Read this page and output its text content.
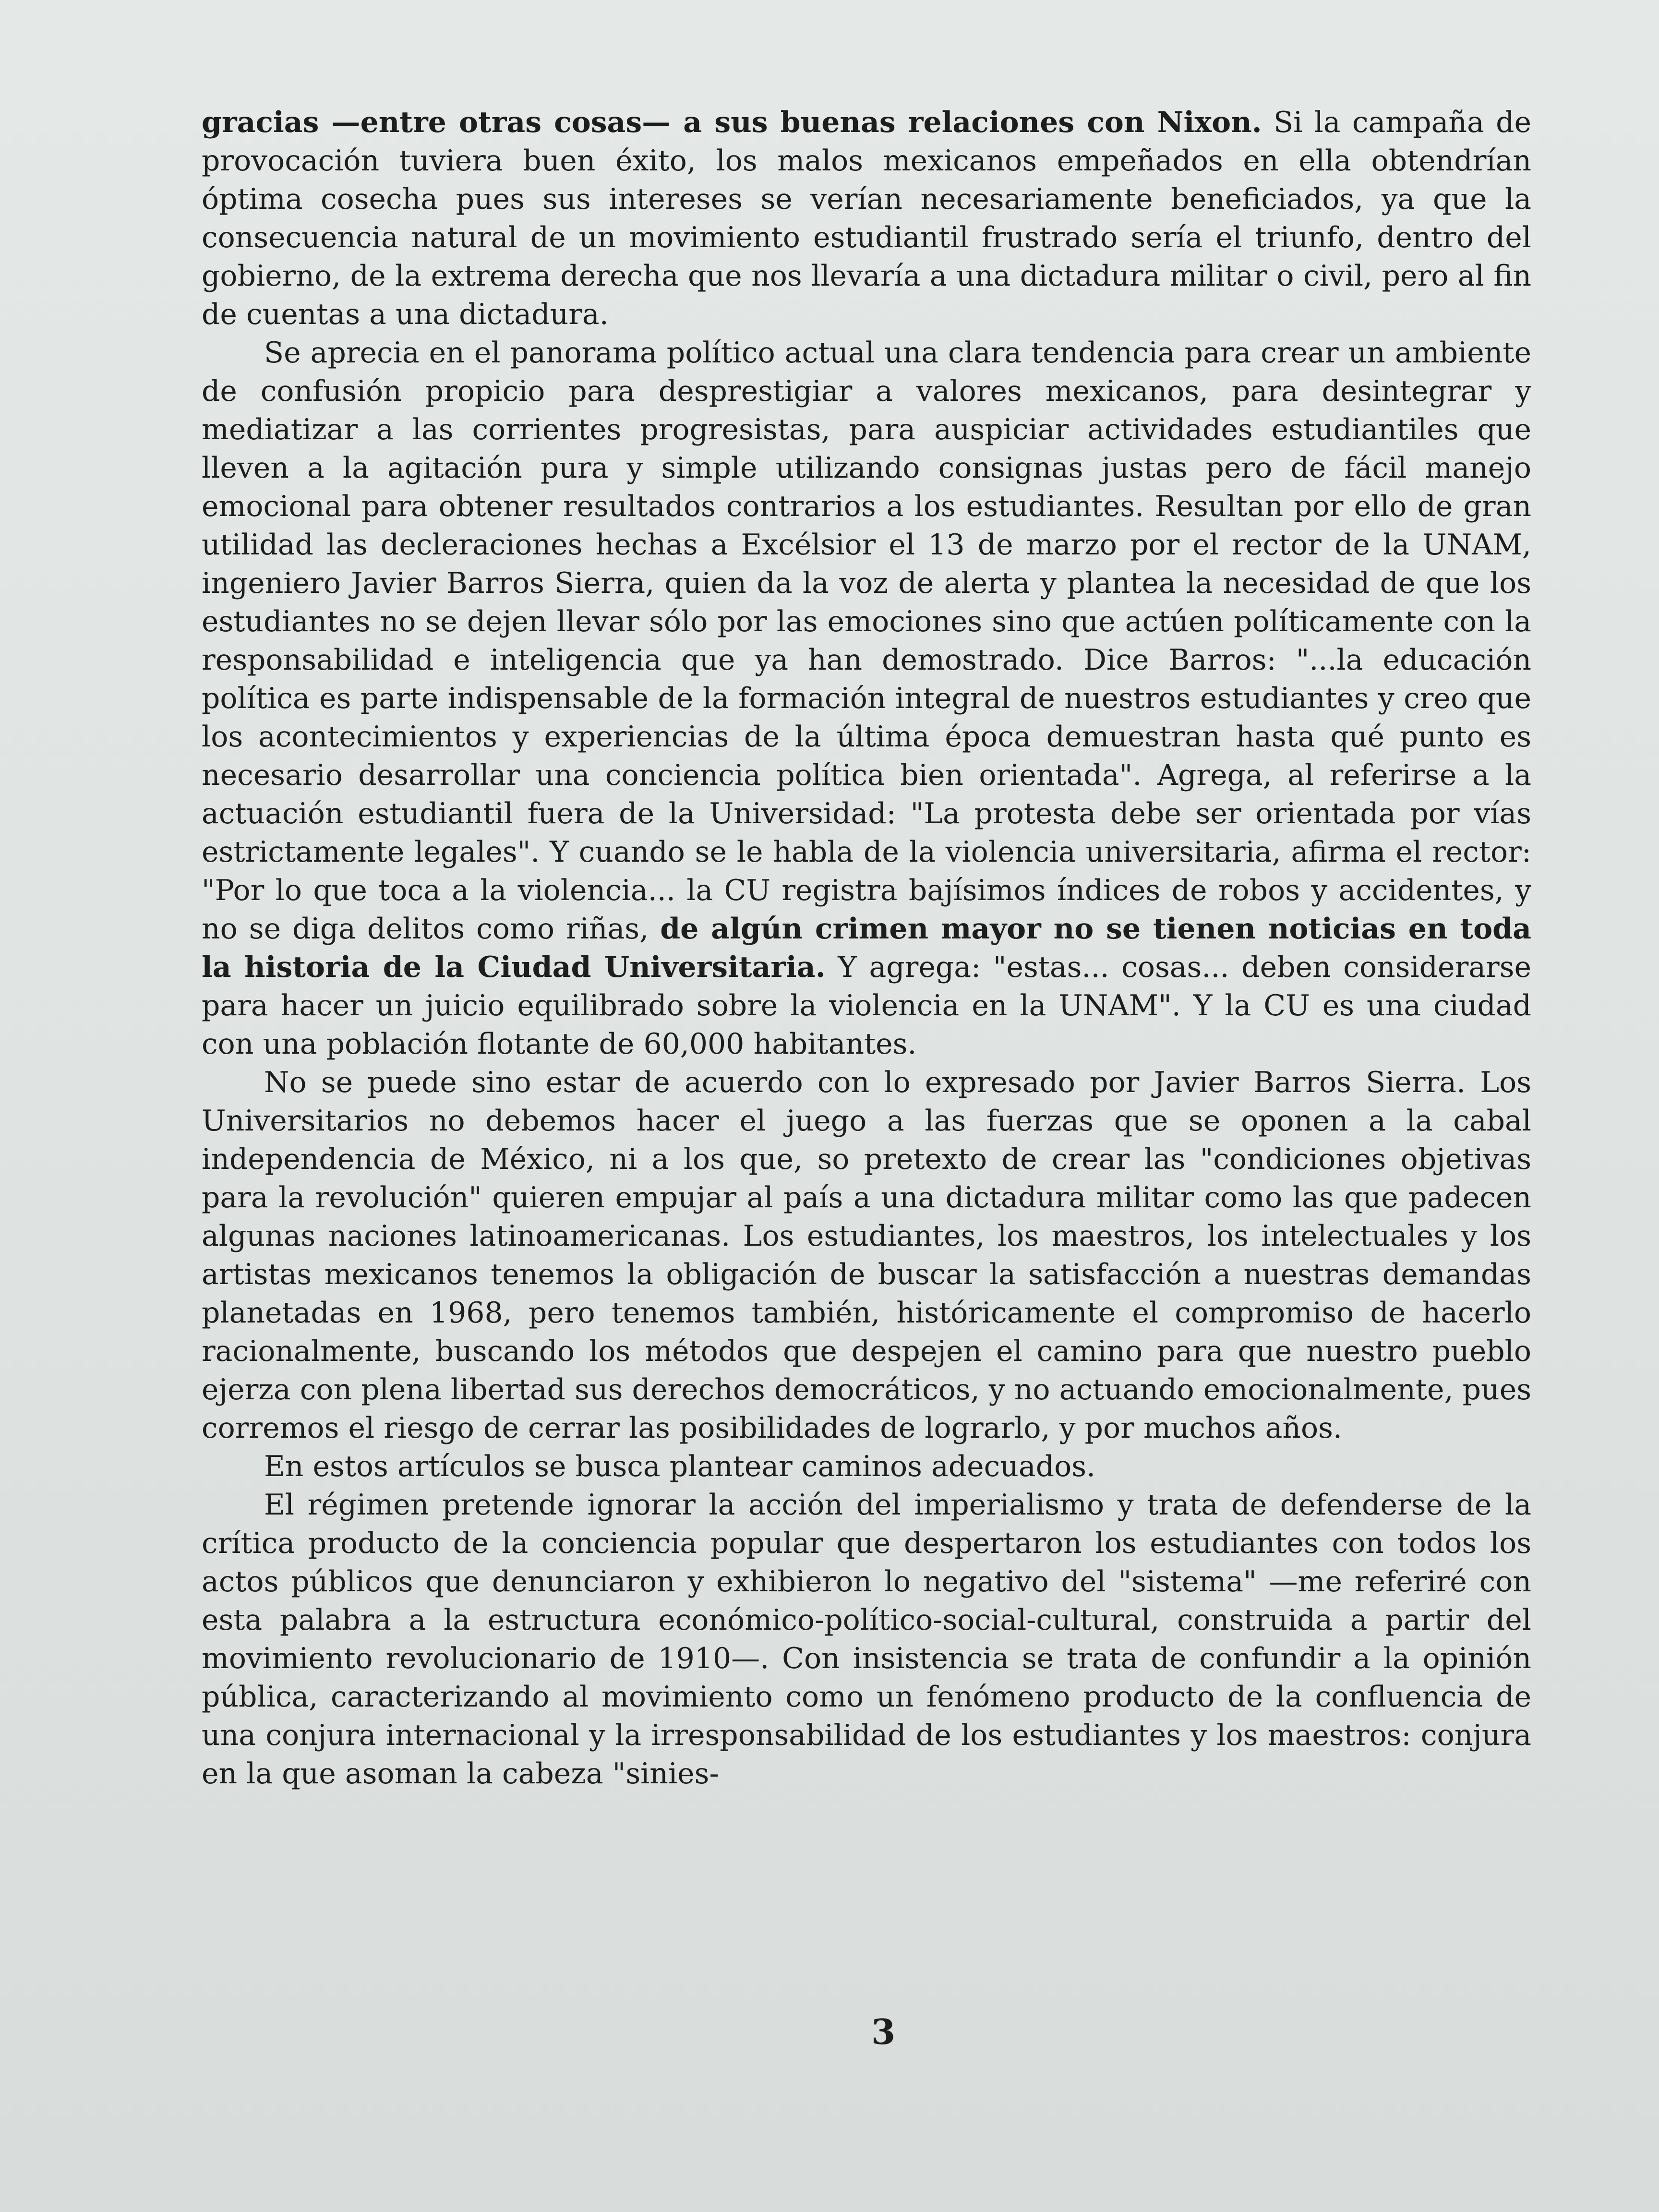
gracias —entre otras cosas— a sus buenas relaciones con Nixon. Si la campaña de provocación tuviera buen éxito, los malos mexicanos empeñados en ella obtendrían óptima cosecha pues sus intereses se verían necesariamente beneficiados, ya que la consecuencia natural de un movimiento estudiantil frustrado sería el triunfo, dentro del gobierno, de la extrema derecha que nos llevaría a una dictadura militar o civil, pero al fin de cuentas a una dictadura.

Se aprecia en el panorama político actual una clara tendencia para crear un ambiente de confusión propicio para desprestigiar a valores mexicanos, para desintegrar y mediatizar a las corrientes progresistas, para auspiciar actividades estudiantiles que lleven a la agitación pura y simple utilizando consignas justas pero de fácil manejo emocional para obtener resultados contrarios a los estudiantes. Resultan por ello de gran utilidad las decleraciones hechas a Excélsior el 13 de marzo por el rector de la UNAM, ingeniero Javier Barros Sierra, quien da la voz de alerta y plantea la necesidad de que los estudiantes no se dejen llevar sólo por las emociones sino que actúen políticamente con la responsabilidad e inteligencia que ya han demostrado. Dice Barros: "...la educación política es parte indispensable de la formación integral de nuestros estudiantes y creo que los acontecimientos y experiencias de la última época demuestran hasta qué punto es necesario desarrollar una conciencia política bien orientada". Agrega, al referirse a la actuación estudiantil fuera de la Universidad: "La protesta debe ser orientada por vías estrictamente legales". Y cuando se le habla de la violencia universitaria, afirma el rector: "Por lo que toca a la violencia... la CU registra bajísimos índices de robos y accidentes, y no se diga delitos como riñas, de algún crimen mayor no se tienen noticias en toda la historia de la Ciudad Universitaria. Y agrega: "estas... cosas... deben considerarse para hacer un juicio equilibrado sobre la violencia en la UNAM". Y la CU es una ciudad con una población flotante de 60,000 habitantes.

No se puede sino estar de acuerdo con lo expresado por Javier Barros Sierra. Los Universitarios no debemos hacer el juego a las fuerzas que se oponen a la cabal independencia de México, ni a los que, so pretexto de crear las "condiciones objetivas para la revolución" quieren empujar al país a una dictadura militar como las que padecen algunas naciones latinoamericanas. Los estudiantes, los maestros, los intelectuales y los artistas mexicanos tenemos la obligación de buscar la satisfacción a nuestras demandas planetadas en 1968, pero tenemos también, históricamente el compromiso de hacerlo racionalmente, buscando los métodos que despejen el camino para que nuestro pueblo ejerza con plena libertad sus derechos democráticos, y no actuando emocionalmente, pues corremos el riesgo de cerrar las posibilidades de lograrlo, y por muchos años.

En estos artículos se busca plantear caminos adecuados.

El régimen pretende ignorar la acción del imperialismo y trata de defenderse de la crítica producto de la conciencia popular que despertaron los estudiantes con todos los actos públicos que denunciaron y exhibieron lo negativo del "sistema" —me referiré con esta palabra a la estructura económico-político-social-cultural, construida a partir del movimiento revolucionario de 1910—. Con insistencia se trata de confundir a la opinión pública, caracterizando al movimiento como un fenómeno producto de la confluencia de una conjura internacional y la irresponsabilidad de los estudiantes y los maestros: conjura en la que asoman la cabeza "sinies-

3
